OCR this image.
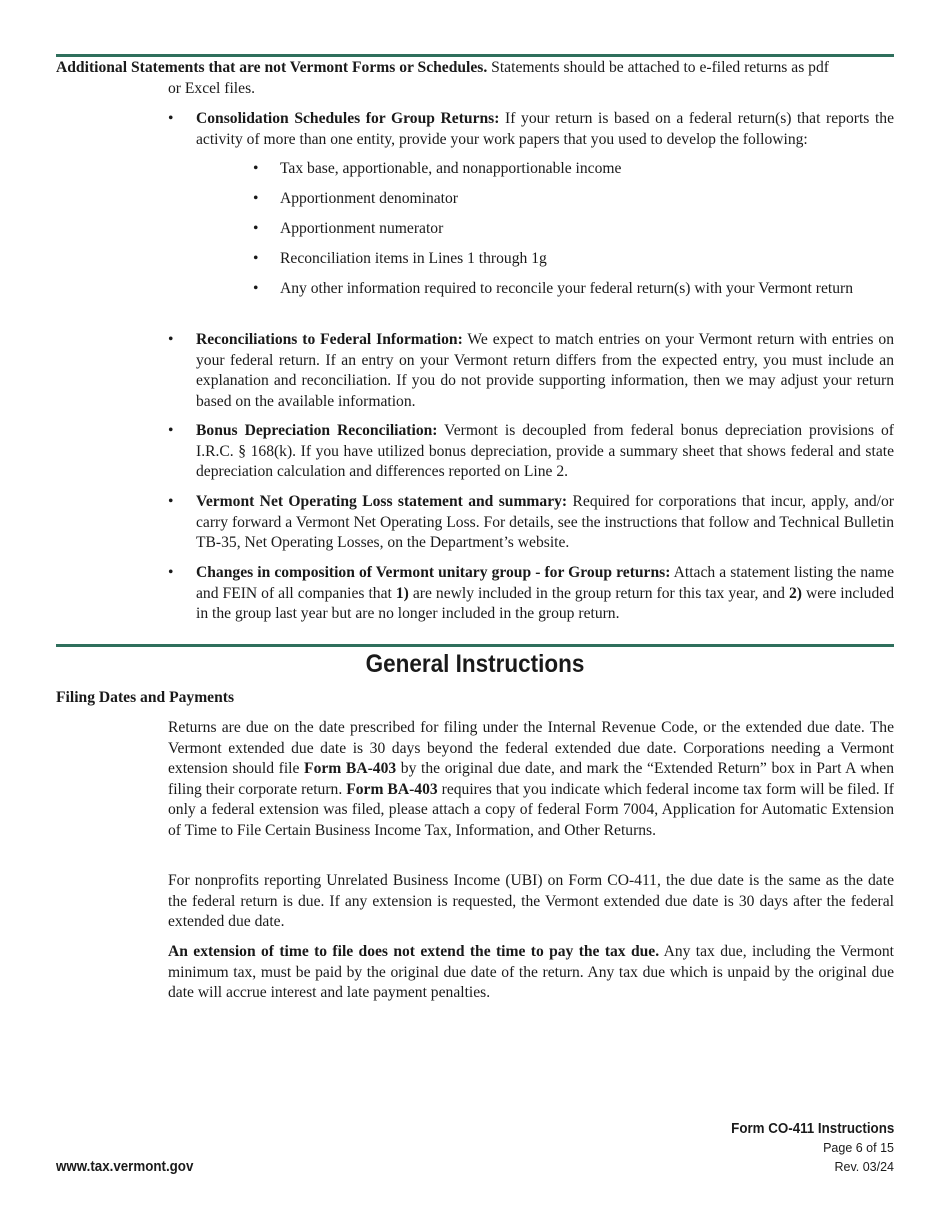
Additional Statements that are not Vermont Forms or Schedules. Statements should be attached to e-filed returns as pdf
or Excel files.
• Consolidation Schedules for Group Returns: If your return is based on a federal return(s) that reports the activity of more than one entity, provide your work papers that you used to develop the following:
• Tax base, apportionable, and nonapportionable income
• Apportionment denominator
• Apportionment numerator
• Reconciliation items in Lines 1 through 1g
• Any other information required to reconcile your federal return(s) with your Vermont return
• Reconciliations to Federal Information: We expect to match entries on your Vermont return with entries on your federal return. If an entry on your Vermont return differs from the expected entry, you must include an explanation and reconciliation. If you do not provide supporting information, then we may adjust your return based on the available information.
• Bonus Depreciation Reconciliation: Vermont is decoupled from federal bonus depreciation provisions of I.R.C. § 168(k). If you have utilized bonus depreciation, provide a summary sheet that shows federal and state depreciation calculation and differences reported on Line 2.
• Vermont Net Operating Loss statement and summary: Required for corporations that incur, apply, and/or carry forward a Vermont Net Operating Loss. For details, see the instructions that follow and Technical Bulletin TB-35, Net Operating Losses, on the Department’s website.
• Changes in composition of Vermont unitary group - for Group returns: Attach a statement listing the name and FEIN of all companies that 1) are newly included in the group return for this tax year, and 2) were included in the group last year but are no longer included in the group return.
General Instructions
Filing Dates and Payments
Returns are due on the date prescribed for filing under the Internal Revenue Code, or the extended due date. The Vermont extended due date is 30 days beyond the federal extended due date. Corporations needing a Vermont extension should file Form BA-403 by the original due date, and mark the “Extended Return” box in Part A when filing their corporate return. Form BA-403 requires that you indicate which federal income tax form will be filed. If only a federal extension was filed, please attach a copy of federal Form 7004, Application for Automatic Extension of Time to File Certain Business Income Tax, Information, and Other Returns.
For nonprofits reporting Unrelated Business Income (UBI) on Form CO-411, the due date is the same as the date the federal return is due. If any extension is requested, the Vermont extended due date is 30 days after the federal extended due date.
An extension of time to file does not extend the time to pay the tax due. Any tax due, including the Vermont minimum tax, must be paid by the original due date of the return. Any tax due which is unpaid by the original due date will accrue interest and late payment penalties.
Form CO-411 Instructions
Page 6 of 15
Rev. 03/24
www.tax.vermont.gov
